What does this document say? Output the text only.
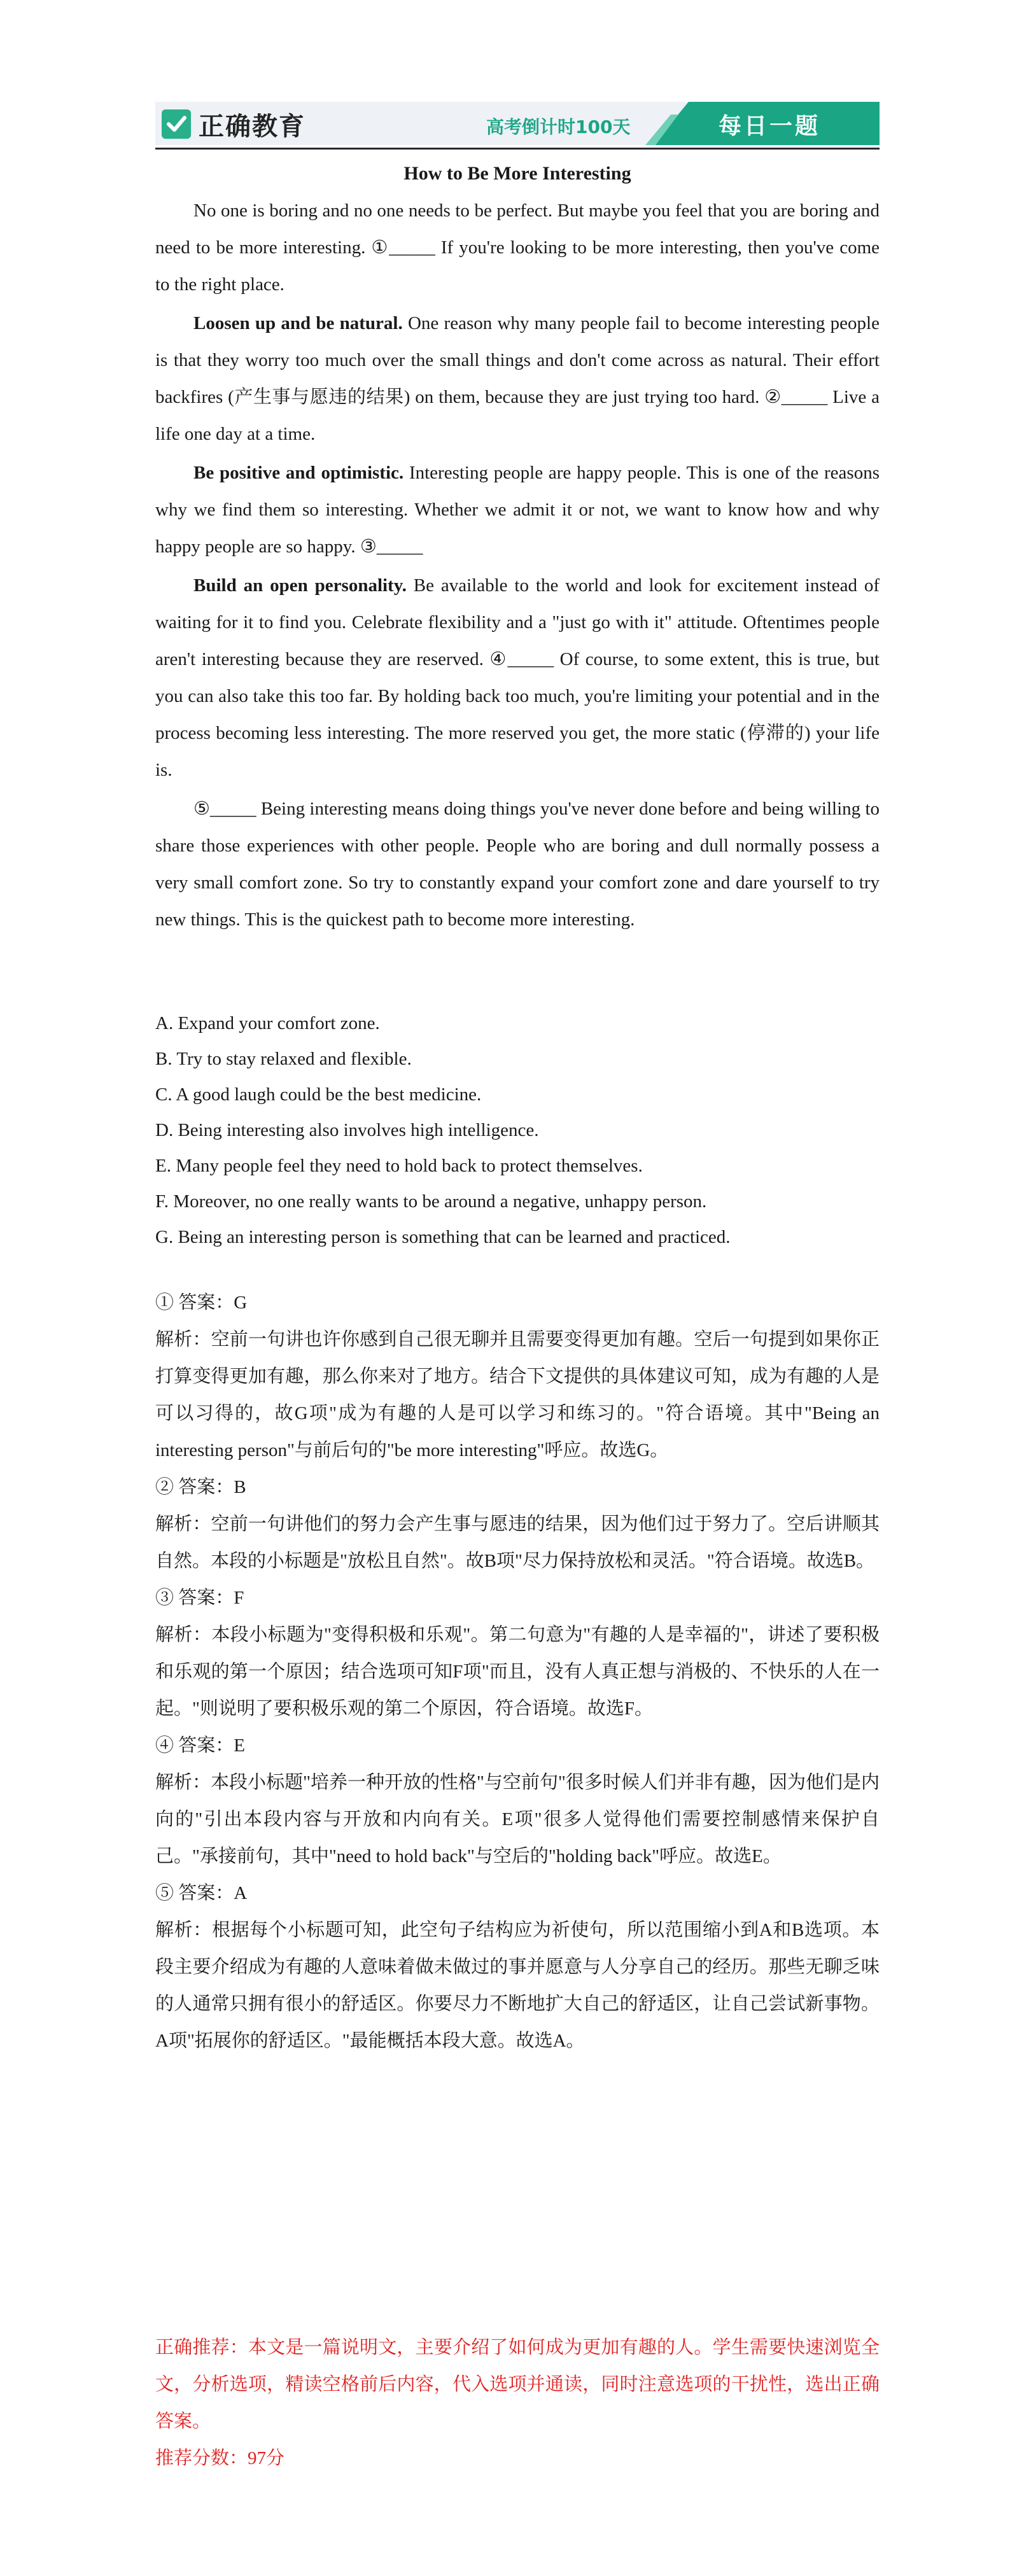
正确教育	高考倒计时100天	每日一题
How to Be More Interesting

No one is boring and no one needs to be perfect. But maybe you feel that you are boring and need to be more interesting. ①_____ If you're looking to be more interesting, then you've come to the right place.

Loosen up and be natural. One reason why many people fail to become interesting people is that they worry too much over the small things and don't come across as natural. Their effort backfires (产生事与愿违的结果) on them, because they are just trying too hard. ②_____ Live a life one day at a time.

Be positive and optimistic. Interesting people are happy people. This is one of the reasons why we find them so interesting. Whether we admit it or not, we want to know how and why happy people are so happy. ③_____

Build an open personality. Be available to the world and look for excitement instead of waiting for it to find you. Celebrate flexibility and a "just go with it" attitude. Oftentimes people aren't interesting because they are reserved. ④_____ Of course, to some extent, this is true, but you can also take this too far. By holding back too much, you're limiting your potential and in the process becoming less interesting. The more reserved you get, the more static (停滞的) your life is.

⑤_____ Being interesting means doing things you've never done before and being willing to share those experiences with other people. People who are boring and dull normally possess a very small comfort zone. So try to constantly expand your comfort zone and dare yourself to try new things. This is the quickest path to become more interesting.

A. Expand your comfort zone.
B. Try to stay relaxed and flexible.
C. A good laugh could be the best medicine.
D. Being interesting also involves high intelligence.
E. Many people feel they need to hold back to protect themselves.
F. Moreover, no one really wants to be around a negative, unhappy person.
G. Being an interesting person is something that can be learned and practiced.
① 答案：G
解析：空前一句讲也许你感到自己很无聊并且需要变得更加有趣。空后一句提到如果你正打算变得更加有趣，那么你来对了地方。结合下文提供的具体建议可知，成为有趣的人是可以习得的，故G项"成为有趣的人是可以学习和练习的。"符合语境。其中"Being an interesting person"与前后句的"be more interesting"呼应。故选G。
② 答案：B
解析：空前一句讲他们的努力会产生事与愿违的结果，因为他们过于努力了。空后讲顺其自然。本段的小标题是"放松且自然"。故B项"尽力保持放松和灵活。"符合语境。故选B。
③ 答案：F
解析：本段小标题为"变得积极和乐观"。第二句意为"有趣的人是幸福的"，讲述了要积极和乐观的第一个原因；结合选项可知F项"而且，没有人真正想与消极的、不快乐的人在一起。"则说明了要积极乐观的第二个原因，符合语境。故选F。
④ 答案：E
解析：本段小标题"培养一种开放的性格"与空前句"很多时候人们并非有趣，因为他们是内向的"引出本段内容与开放和内向有关。E项"很多人觉得他们需要控制感情来保护自己。"承接前句，其中"need to hold back"与空后的"holding back"呼应。故选E。
⑤ 答案：A
解析：根据每个小标题可知，此空句子结构应为祈使句，所以范围缩小到A和B选项。本段主要介绍成为有趣的人意味着做未做过的事并愿意与人分享自己的经历。那些无聊乏味的人通常只拥有很小的舒适区。你要尽力不断地扩大自己的舒适区，让自己尝试新事物。A项"拓展你的舒适区。"最能概括本段大意。故选A。
正确推荐：本文是一篇说明文，主要介绍了如何成为更加有趣的人。学生需要快速浏览全文，分析选项，精读空格前后内容，代入选项并通读，同时注意选项的干扰性，选出正确答案。
推荐分数：97分
